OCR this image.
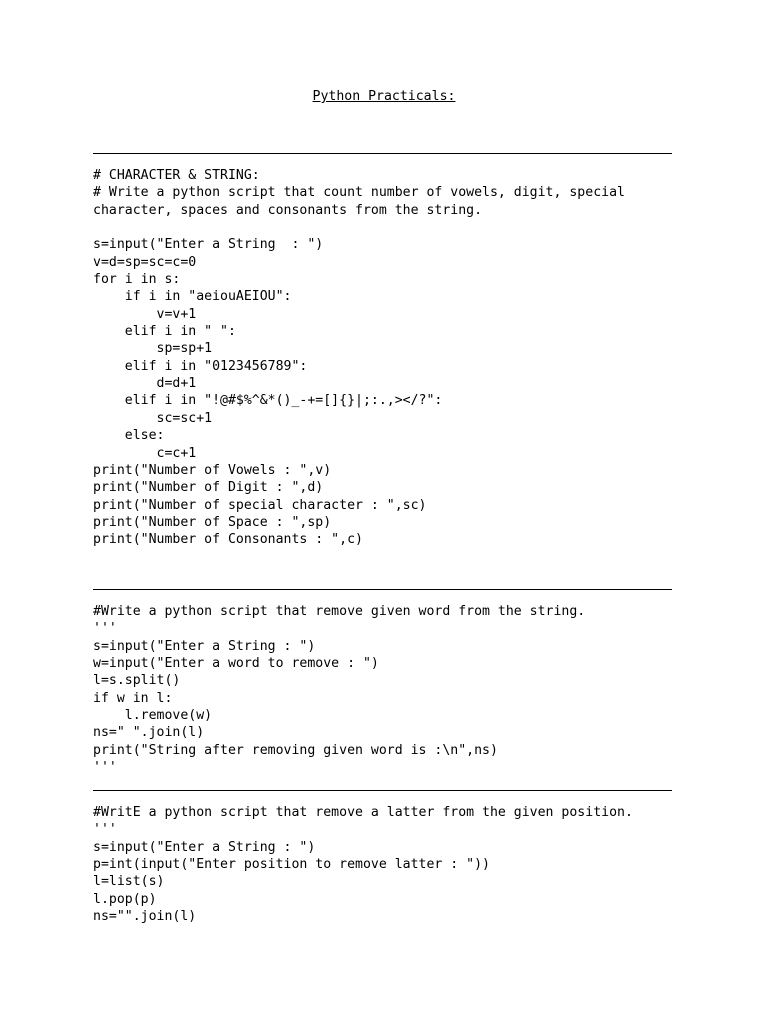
Python Practicals:
# CHARACTER & STRING:
# Write a python script that count number of vowels, digit, special
character, spaces and consonants from the string.
s=input("Enter a String  : ")
v=d=sp=sc=c=0
for i in s:
if i in "aeiouAEIOU":
v=v+1
elif i in " ":
sp=sp+1
elif i in "0123456789":
d=d+1
elif i in "!@#$%^&*()_-+=[]{}|;:.,></?":
sc=sc+1
else:
c=c+1
print("Number of Vowels : ",v)
print("Number of Digit : ",d)
print("Number of special character : ",sc)
print("Number of Space : ",sp)
print("Number of Consonants : ",c)
#Write a python script that remove given word from the string.
'''
s=input("Enter a String : ")
w=input("Enter a word to remove : ")
l=s.split()
if w in l:
l.remove(w)
ns=" ".join(l)
print("String after removing given word is :\n",ns)
'''
#WritE a python script that remove a latter from the given position.
'''
s=input("Enter a String : ")
p=int(input("Enter position to remove latter : "))
l=list(s)
l.pop(p)
ns="".join(l)
